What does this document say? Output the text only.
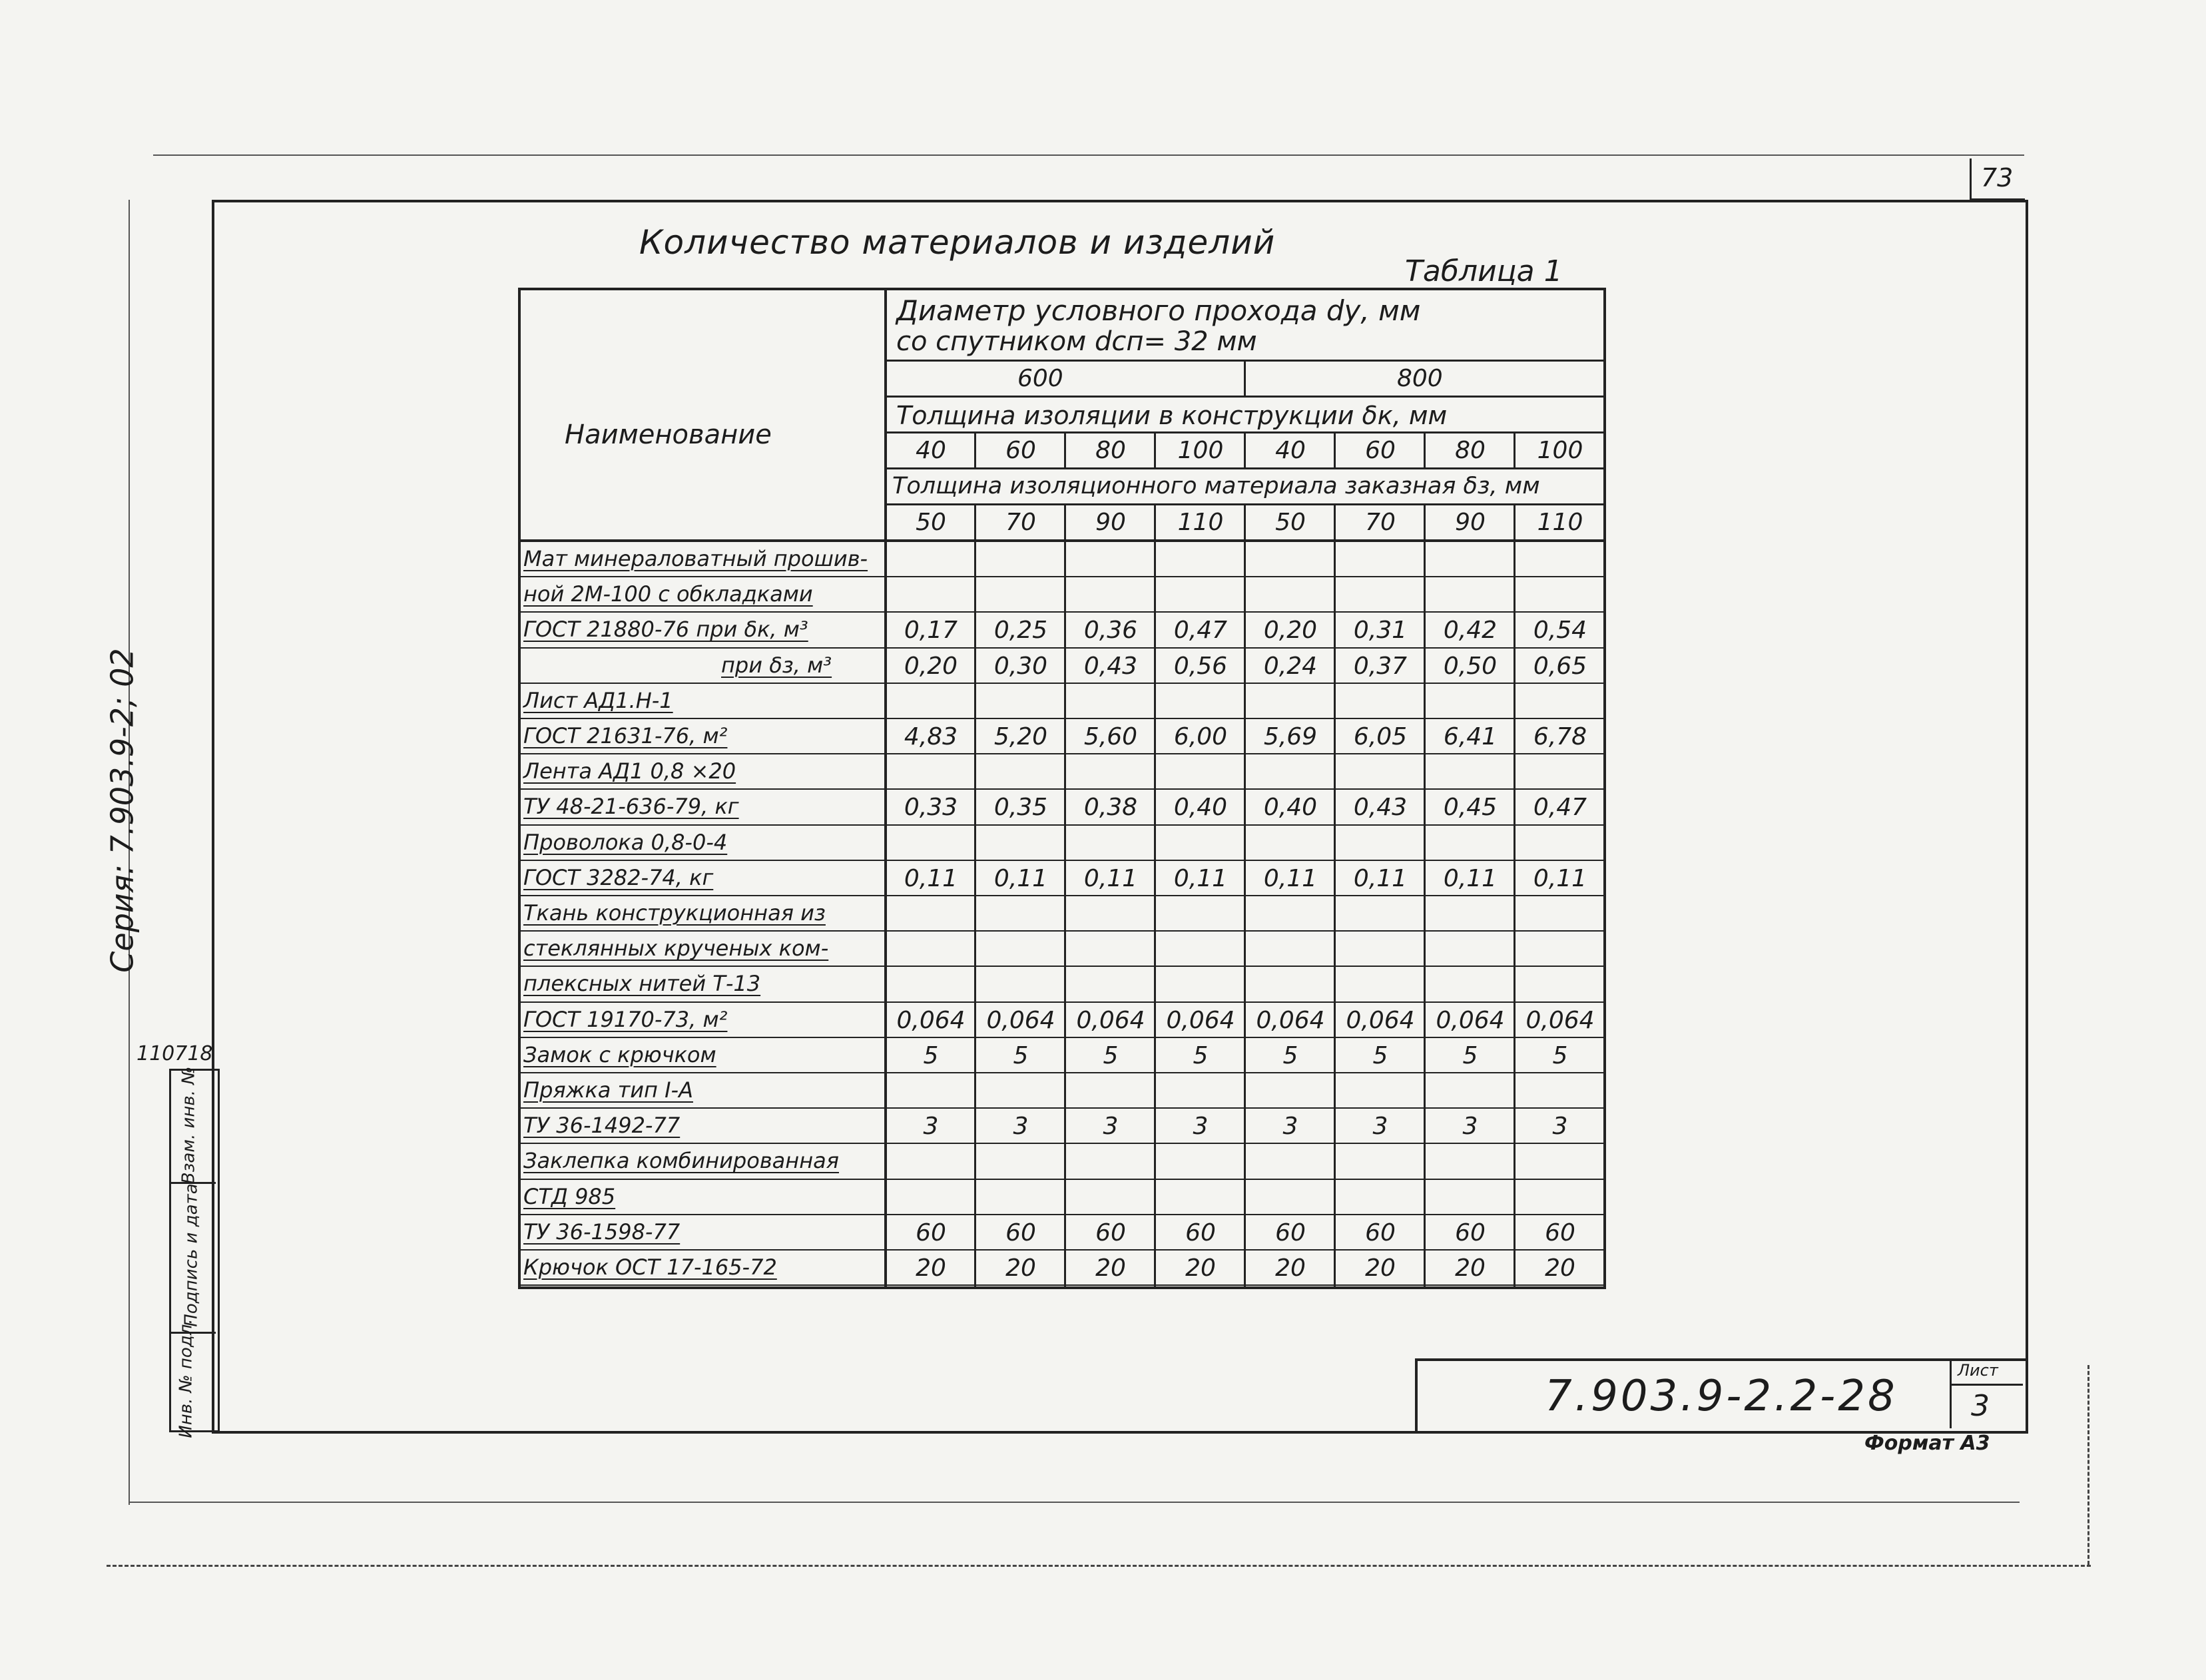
73
Количество материалов и изделий
Таблица 1
Серия: 7.903.9-2; 02
110718
Инв. № подл.
Подпись и дата
Взам. инв. №
Наименование
Диаметр условного прохода dу, мм
со спутником dсп= 32 мм
600	800
Толщина изоляции в конструкции δк, мм
Толщина изоляционного материала заказная δз, мм
40	60	80	100	40	60	80	100
50	70	90	110	50	70	90	110
Мат минераловатный прошив-
ной 2М-100 с обкладками
ГОСТ 21880-76 при δк, м³	0,17	0,25	0,36	0,47	0,20	0,31	0,42	0,54
при δз, м³	0,20	0,30	0,43	0,56	0,24	0,37	0,50	0,65
Лист АД1.Н-1
ГОСТ 21631-76, м²	4,83	5,20	5,60	6,00	5,69	6,05	6,41	6,78
Лента АД1 0,8 ×20
ТУ 48-21-636-79, кг	0,33	0,35	0,38	0,40	0,40	0,43	0,45	0,47
Проволока 0,8-0-4
ГОСТ 3282-74, кг	0,11	0,11	0,11	0,11	0,11	0,11	0,11	0,11
Ткань конструкционная из
стеклянных крученых ком-
плексных нитей Т-13
ГОСТ 19170-73, м²	0,064 0,064 0,064 0,064 0,064 0,064 0,064 0,064
Замок с крючком	5	5	5	5	5	5	5	5
Пряжка тип I-А
ТУ 36-1492-77	3	3	3	3	3	3	3	3
Заклепка комбинированная
СТД 985
ТУ 36-1598-77	60	60	60	60	60	60	60	60
Крючок ОСТ 17-165-72	20	20	20	20	20	20	20	20
7.903.9-2.2-28
Лист
3
Формат А3
